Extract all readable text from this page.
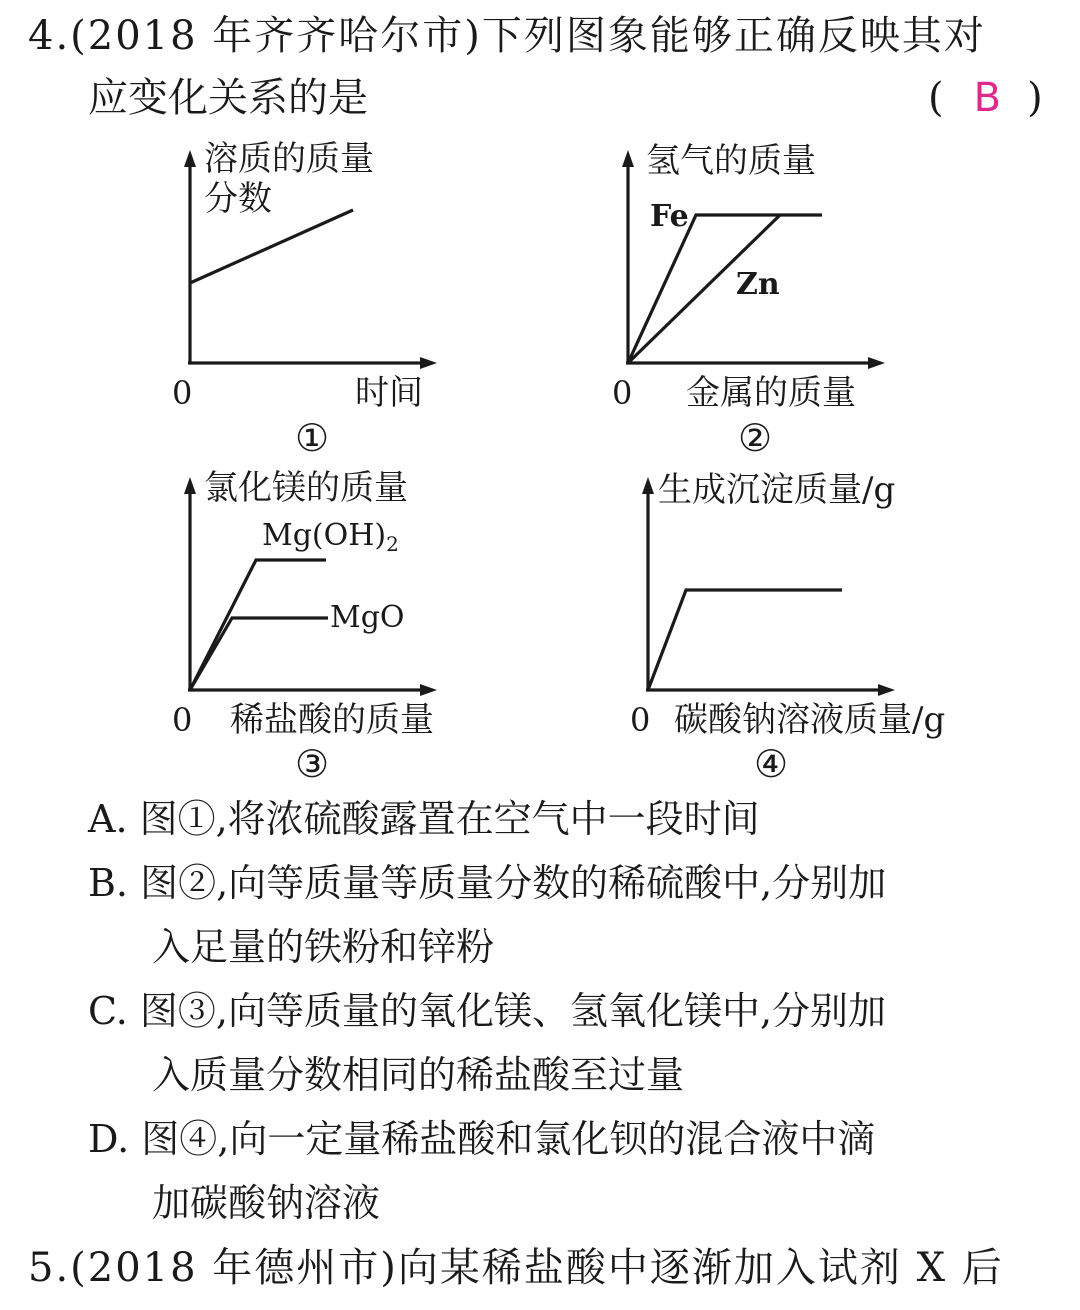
4.(2018 年齐齐哈尔市)下列图象能够正确反映其对
应变化关系的是	( B )
溶质的质量
分数
0	时间
①
氢气的质量
Fe
Zn
0 金属的质量
②
氯化镁的质量
$Mg(OH)_2$
MgO
0 稀盐酸的质量
③
生成沉淀质量/g
0 碳酸钠溶液质量/g
④
A. 图①,将浓硫酸露置在空气中一段时间
B. 图②,向等质量等质量分数的稀硫酸中,分别加
入足量的铁粉和锌粉
C. 图③,向等质量的氧化镁、氢氧化镁中,分别加
入质量分数相同的稀盐酸至过量
D. 图④,向一定量稀盐酸和氯化钡的混合液中滴
加碳酸钠溶液
5.(2018 年德州市)向某稀盐酸中逐渐加入试剂 X 后
